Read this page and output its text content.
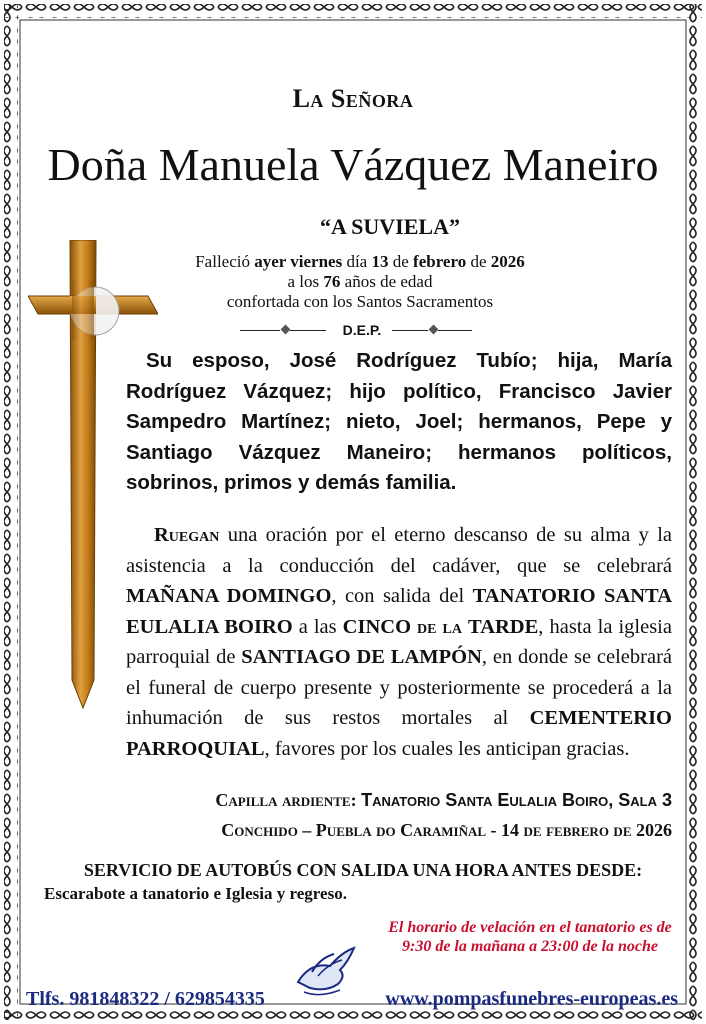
La Señora
Doña Manuela Vázquez Maneiro
“A SUVIELA”
Falleció ayer viernes día 13 de febrero de 2026
a los 76 años de edad
confortada con los Santos Sacramentos
D.E.P.
Su esposo, José Rodríguez Tubío; hija, María Rodríguez Vázquez; hijo político, Francisco Javier Sampedro Martínez; nieto, Joel; hermanos, Pepe y Santiago Vázquez Maneiro; hermanos políticos, sobrinos, primos y demás familia.
Ruegan una oración por el eterno descanso de su alma y la asistencia a la conducción del cadáver, que se celebrará MAÑANA DOMINGO, con salida del TANATORIO SANTA EULALIA BOIRO a las CINCO de la TARDE, hasta la iglesia parroquial de SANTIAGO DE LAMPÓN, en donde se celebrará el funeral de cuerpo presente y posteriormente se procederá a la inhumación de sus restos mortales al CEMENTERIO PARROQUIAL, favores por los cuales les anticipan gracias.
Capilla ardiente: Tanatorio Santa Eulalia Boiro, Sala 3
Conchido – Puebla do Caramiñal - 14 de febrero de 2026
SERVICIO DE AUTOBÚS CON SALIDA UNA HORA ANTES DESDE:
Escarabote a tanatorio e Iglesia y regreso.
El horario de velación en el tanatorio es de 9:30 de la mañana a 23:00 de la noche
Tlfs. 981848322 / 629854335	www.pompasfunebres-europeas.es
